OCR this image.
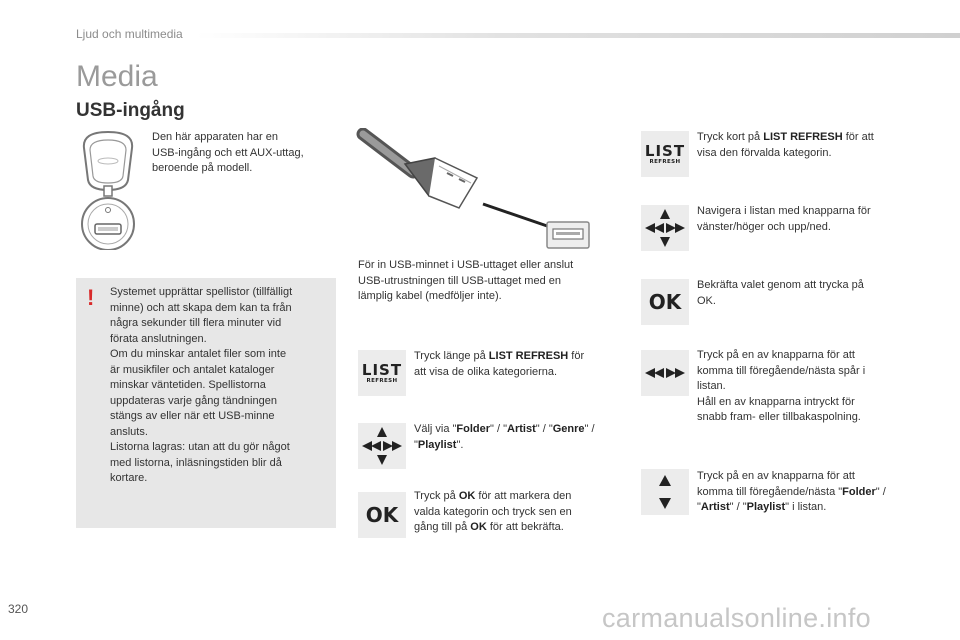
Ljud och multimedia
Media
USB-ingång
Den här apparaten har en
USB-ingång och ett AUX-uttag,
beroende på modell.
! Systemet upprättar spellistor (tillfälligt
minne) och att skapa dem kan ta från
några sekunder till flera minuter vid
förata anslutningen.
Om du minskar antalet filer som inte
är musikfiler och antalet kataloger
minskar väntetiden. Spellistorna
uppdateras varje gång tändningen
stängs av eller när ett USB-minne
ansluts.
Listorna lagras: utan att du gör något
med listorna, inläsningstiden blir då
kortare.
För in USB-minnet i USB-uttaget eller anslut
USB-utrustningen till USB-uttaget med en
lämplig kabel (medföljer inte).
LIST
REFRESH
Tryck länge på LIST REFRESH för
att visa de olika kategorierna.
Välj via "Folder" / "Artist" / "Genre" /
"Playlist".
OK
Tryck på OK för att markera den
valda kategorin och tryck sen en
gång till på OK för att bekräfta.
LIST
REFRESH
Tryck kort på LIST REFRESH för att
visa den förvalda kategorin.
Navigera i listan med knapparna för
vänster/höger och upp/ned.
OK
Bekräfta valet genom att trycka på
OK.
Tryck på en av knapparna för att
komma till föregående/nästa spår i
listan.
Håll en av knapparna intryckt för
snabb fram- eller tillbakaspolning.
Tryck på en av knapparna för att
komma till föregående/nästa "Folder" /
"Artist" / "Playlist" i listan.
320	carmanualsonline.info
